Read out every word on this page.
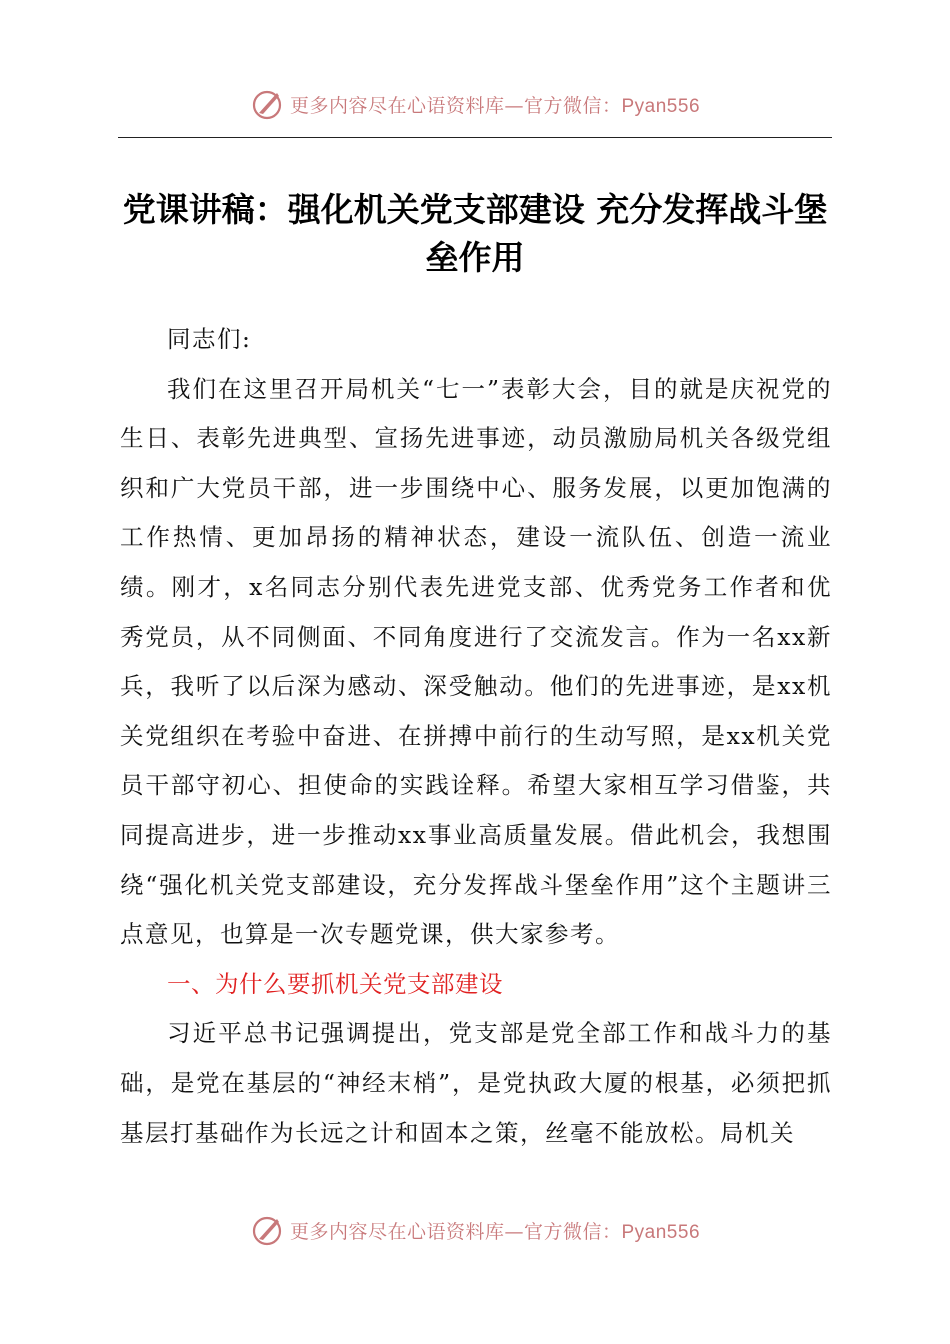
更多内容尽在心语资料库—官方微信：Pyan556
党课讲稿：强化机关党支部建设 充分发挥战斗堡垒作用

同志们:

我们在这里召开局机关“七一”表彰大会，目的就是庆祝党的生日、表彰先进典型、宣扬先进事迹，动员激励局机关各级党组织和广大党员干部，进一步围绕中心、服务发展，以更加饱满的工作热情、更加昂扬的精神状态，建设一流队伍、创造一流业绩。刚才，x名同志分别代表先进党支部、优秀党务工作者和优秀党员，从不同侧面、不同角度进行了交流发言。作为一名xx新兵，我听了以后深为感动、深受触动。他们的先进事迹，是xx机关党组织在考验中奋进、在拼搏中前行的生动写照，是xx机关党员干部守初心、担使命的实践诠释。希望大家相互学习借鉴，共同提高进步，进一步推动xx事业高质量发展。借此机会，我想围绕“强化机关党支部建设，充分发挥战斗堡垒作用”这个主题讲三点意见，也算是一次专题党课，供大家参考。

一、为什么要抓机关党支部建设

习近平总书记强调提出，党支部是党全部工作和战斗力的基础，是党在基层的“神经末梢”，是党执政大厦的根基，必须把抓基层打基础作为长远之计和固本之策，丝毫不能放松。局机关

更多内容尽在心语资料库—官方微信：Pyan556
